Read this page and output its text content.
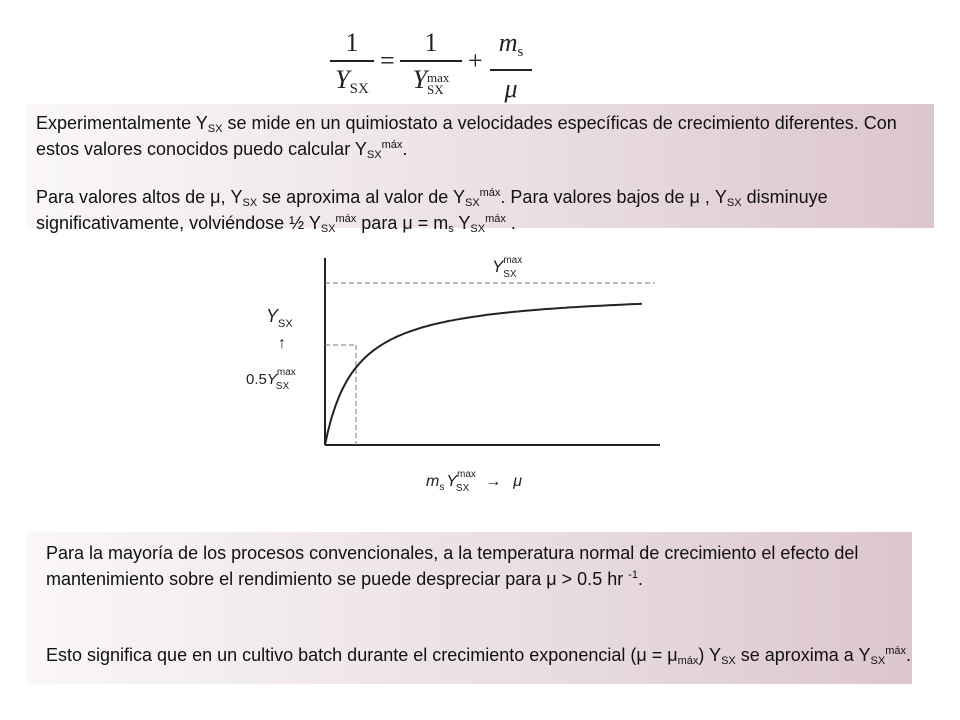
1
YSX
=
1
Y max
SX
+
ms
μ
Experimentalmente $Y_{SX}$ se mide en un quimiostato a velocidades específicas de crecimiento diferentes. Con estos valores conocidos puedo calcular $Y_{SX}^{máx}$.
Para valores altos de μ, $Y_{SX}$ se aproxima al valor de $Y_{SX}^{máx}$. Para valores bajos de μ , $Y_{SX}$ disminuye significativamente, volviéndose ½ $Y_{SX}^{máx}$ para $\mu = m_s$ $Y_{SX}^{máx}$ .
$Y_{SX}$
↑
$0.5Y^{max}$ SX
$Y^{max}$ SX
$m_s$ $Y^{max}$ SX → μ
Para la mayoría de los procesos convencionales, a la temperatura normal de crecimiento el efecto del mantenimiento sobre el rendimiento se puede despreciar para μ > 0.5 hr $^{-1}$.
Esto significa que en un cultivo batch durante el crecimiento exponencial $(\mu = \mu_{máx})$ $Y_{SX}$ se aproxima a $Y_{SX}^{máx}$.
